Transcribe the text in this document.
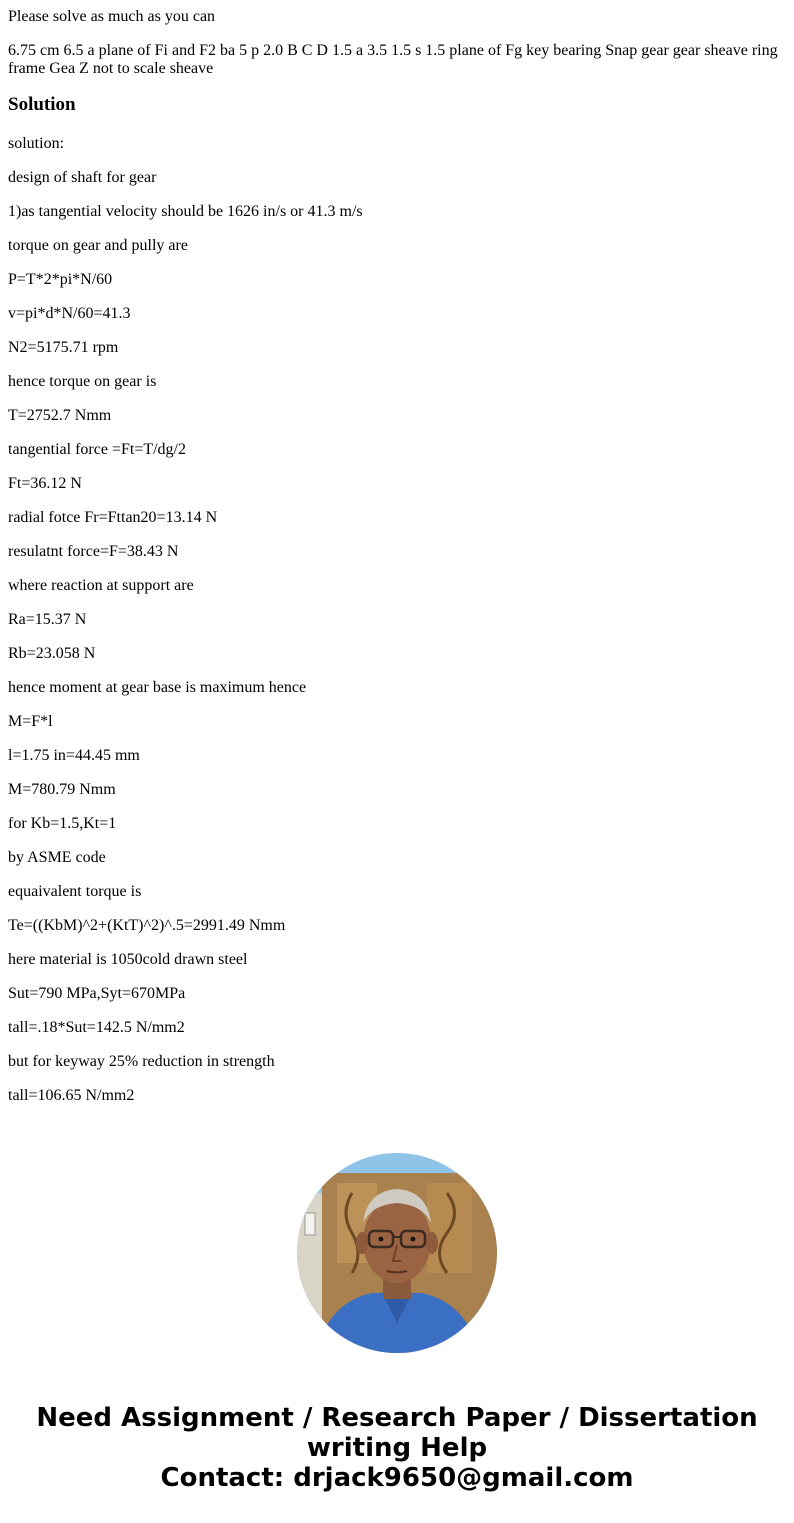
Please solve as much as you can

6.75 cm 6.5 a plane of Fi and F2 ba 5 p 2.0 B C D 1.5 a 3.5 1.5 s 1.5 plane of Fg key bearing Snap gear gear sheave ring frame Gea Z not to scale sheave

Solution

solution:

design of shaft for gear

1)as tangential velocity should be 1626 in/s or 41.3 m/s

torque on gear and pully are

P=T*2*pi*N/60

v=pi*d*N/60=41.3

N2=5175.71 rpm

hence torque on gear is

T=2752.7 Nmm

tangential force =Ft=T/dg/2

Ft=36.12 N

radial fotce Fr=Fttan20=13.14 N

resulatnt force=F=38.43 N

where reaction at support are

Ra=15.37 N

Rb=23.058 N

hence moment at gear base is maximum hence

M=F*l

l=1.75 in=44.45 mm

M=780.79 Nmm

for Kb=1.5,Kt=1

by ASME code

equaivalent torque is

Te=((KbM)^2+(KtT)^2)^.5=2991.49 Nmm

here material is 1050cold drawn steel

Sut=790 MPa,Syt=670MPa

tall=.18*Sut=142.5 N/mm2

but for keyway 25% reduction in strength

tall=106.65 N/mm2

Need Assignment / Research Paper / Dissertation
writing Help
Contact: drjack9650@gmail.com
